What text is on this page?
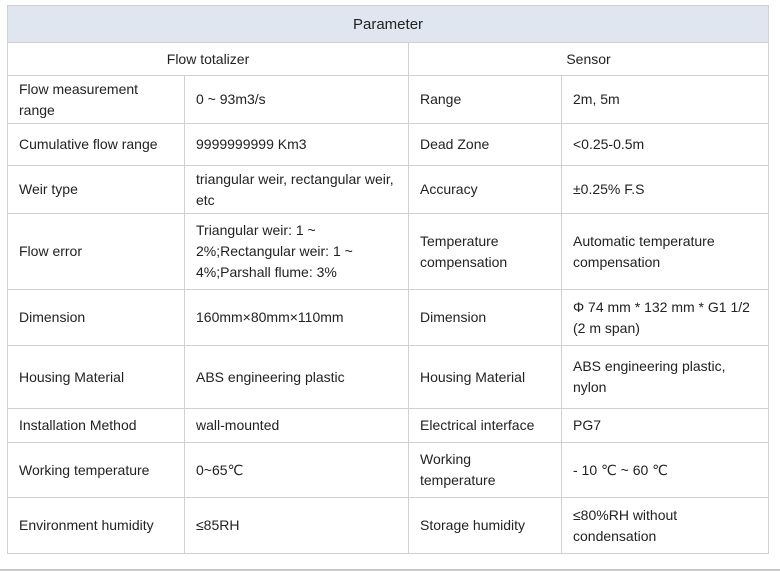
Parameter			
Flow totalizer		Sensor	
Flow measurement range	0 ~ 93m3/s	Range	2m, 5m
Cumulative flow range	9999999999 Km3	Dead Zone	<0.25-0.5m
Weir type	triangular weir, rectangular weir, etc	Accuracy	±0.25% F.S
Flow error	Triangular weir: 1 ~ 2%;Rectangular weir: 1 ~ 4%;Parshall flume: 3%	Temperature compensation	Automatic temperature compensation
Dimension	160mm×80mm×110mm	Dimension	Φ 74 mm * 132 mm * G1 1/2 (2 m span)
Housing Material	ABS engineering plastic	Housing Material	ABS engineering plastic, nylon
Installation Method	wall-mounted	Electrical interface	PG7
Working temperature	0~65℃	Working temperature	- 10 ℃ ~ 60 ℃
Environment humidity	≤85RH	Storage humidity	≤80%RH without condensation
